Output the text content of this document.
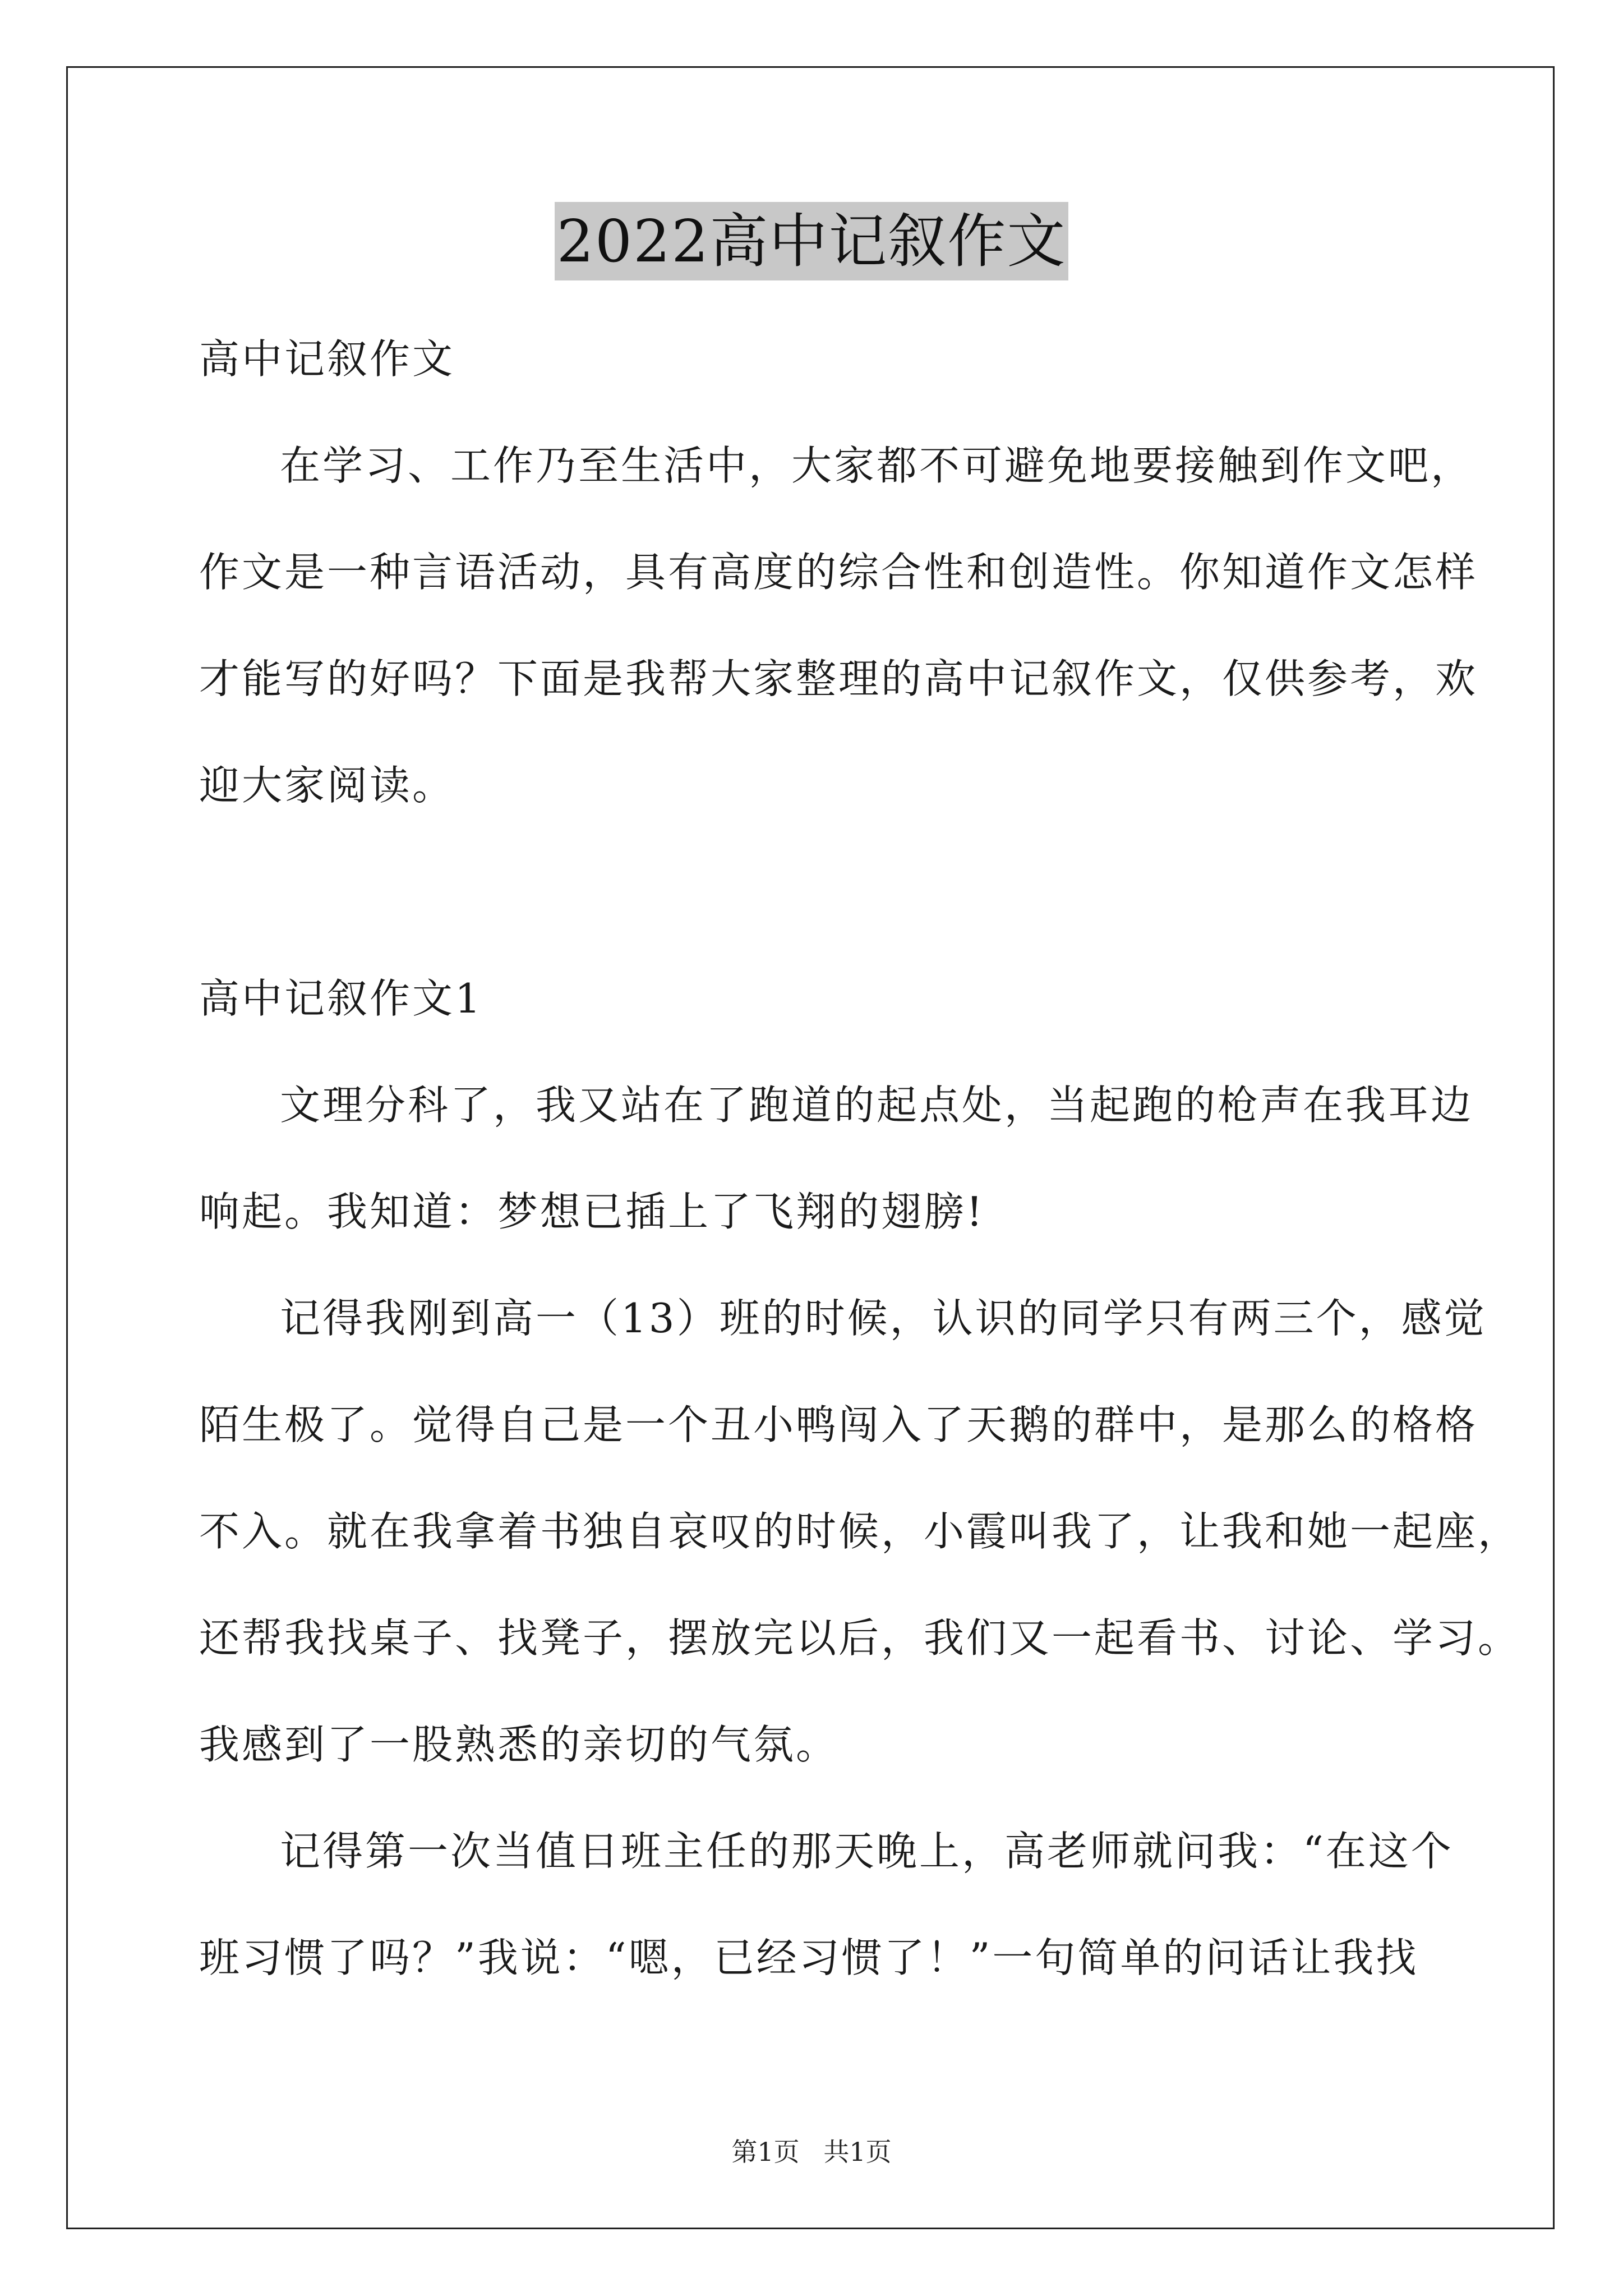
2022高中记叙作文
高中记叙作文
在学习、工作乃至生活中，大家都不可避免地要接触到作文吧，
作文是一种言语活动，具有高度的综合性和创造性。你知道作文怎样
才能写的好吗？下面是我帮大家整理的高中记叙作文，仅供参考，欢
迎大家阅读。
高中记叙作文1
文理分科了，我又站在了跑道的起点处，当起跑的枪声在我耳边
响起。我知道：梦想已插上了飞翔的翅膀!
记得我刚到高一（13）班的时候，认识的同学只有两三个，感觉
陌生极了。觉得自己是一个丑小鸭闯入了天鹅的群中，是那么的格格
不入。就在我拿着书独自哀叹的时候，小霞叫我了，让我和她一起座，
还帮我找桌子、找凳子，摆放完以后，我们又一起看书、讨论、学习。
我感到了一股熟悉的亲切的气氛。
记得第一次当值日班主任的那天晚上，高老师就问我：“在这个
班习惯了吗？”我说：“嗯，已经习惯了！”一句简单的问话让我找
第1页 共1页
